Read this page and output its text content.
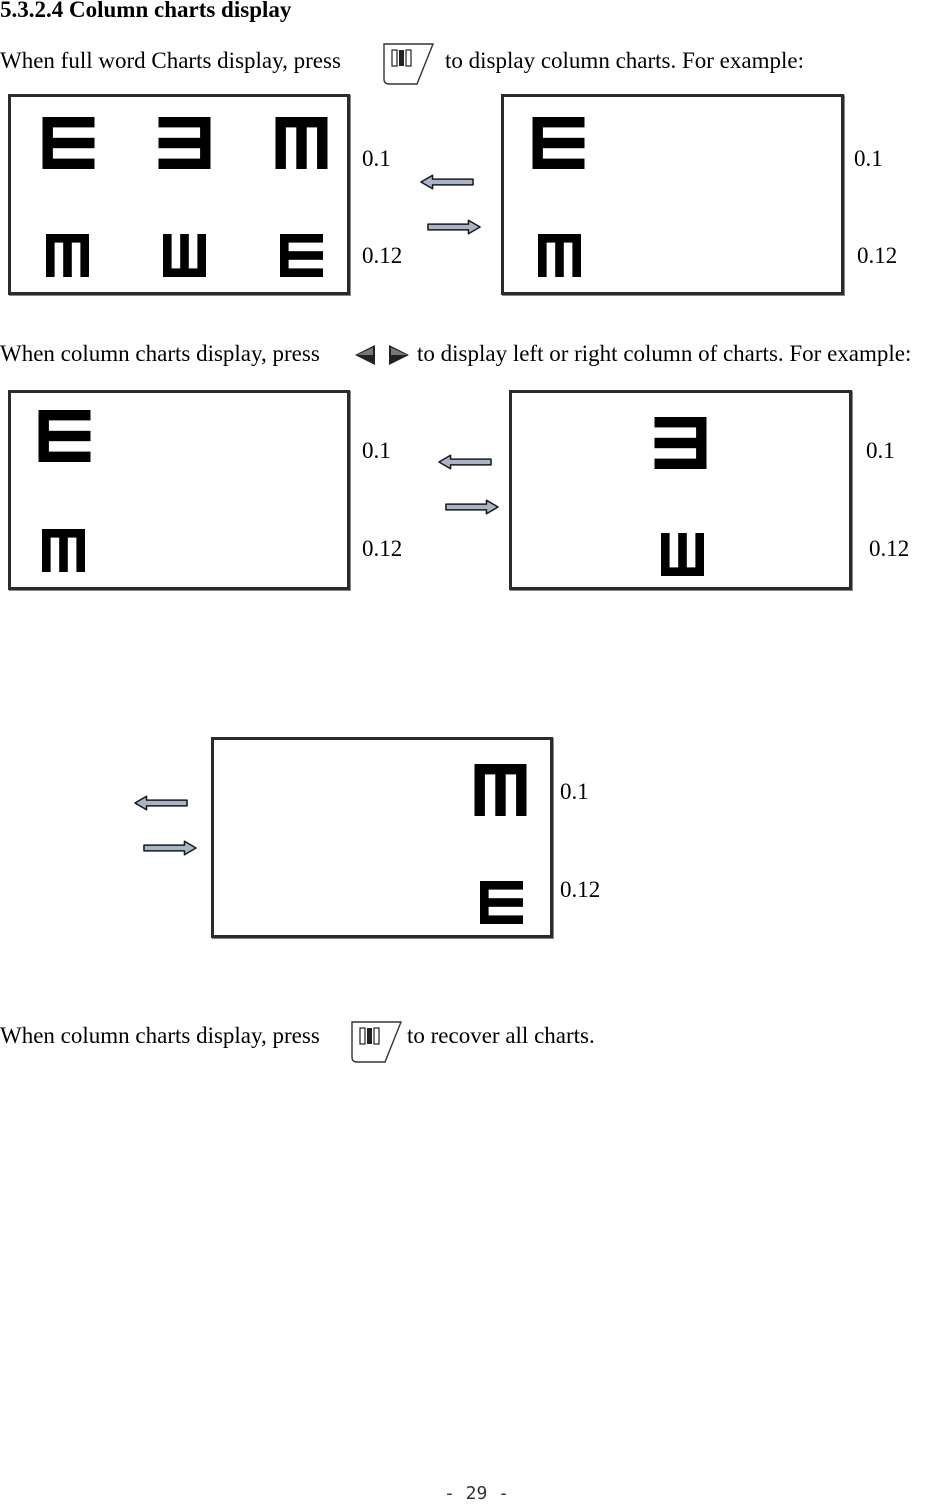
5.3.2.4 Column charts display
When full word Charts display, press	to display column charts. For example:
0.1
0.12
0.1
0.12
When column charts display, press	to display left or right column of charts. For example:
0.1
0.12
0.1
0.12
0.1
0.12
When column charts display, press	to recover all charts.
- 29 -
